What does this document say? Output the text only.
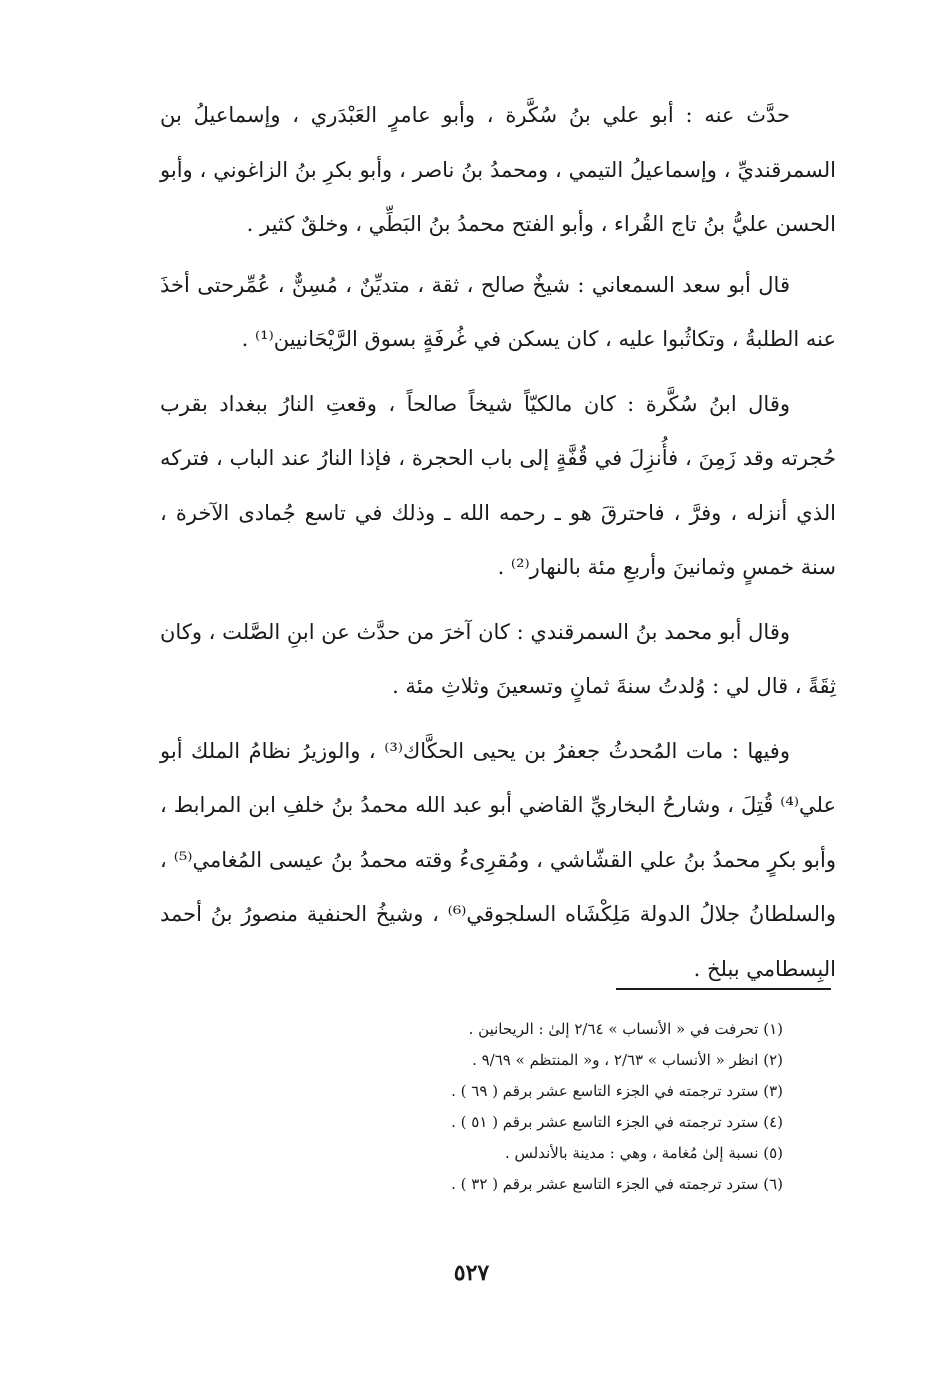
حدَّث عنه : أبو علي بنُ سُكَّرة ، وأبو عامرٍ العَبْدَري ، وإسماعيلُ بن السمرقنديِّ ، وإسماعيلُ التيمي ، ومحمدُ بنُ ناصر ، وأبو بكرِ بنُ الزاغوني ، وأبو الحسن عليُّ بنُ تاج القُراء ، وأبو الفتح محمدُ بنُ البَطِّي ، وخلقٌ كثير .

قال أبو سعد السمعاني : شيخٌ صالح ، ثقة ، متديِّنٌ ، مُسِنٌّ ، عُمِّرحتى أخذَ عنه الطلبةُ ، وتكاثُبوا عليه ، كان يسكن في غُرفَةٍ بسوق الرَّيْحَانيين⁽¹⁾ .

وقال ابنُ سُكَّرة : كان مالكيّاً شيخاً صالحاً ، وقعتِ النارُ ببغداد بقرب حُجرته وقد زَمِنَ ، فأُنزِلَ في قُفَّةٍ إلى باب الحجرة ، فإذا النارُ عند الباب ، فتركه الذي أنزله ، وفرَّ ، فاحترقَ هو ـ رحمه الله ـ وذلك في تاسع جُمادى الآخرة ، سنة خمسٍ وثمانينَ وأربعِ مئة بالنهار⁽²⁾ .

وقال أبو محمد بنُ السمرقندي : كان آخرَ من حدَّث عن ابنِ الصَّلت ، وكان ثِقَةً ، قال لي : وُلدتُ سنةَ ثمانٍ وتسعينَ وثلاثِ مئة .

وفيها : مات المُحدثُ جعفرُ بن يحيى الحكَّاك⁽³⁾ ، والوزيرُ نظامُ الملك أبو علي⁽⁴⁾ قُتِلَ ، وشارحُ البخاريِّ القاضي أبو عبد الله محمدُ بنُ خلفِ ابن المرابط ، وأبو بكرٍ محمدُ بنُ علي القشّاشي ، ومُقرِىءُ وقته محمدُ بنُ عيسى المُغامي⁽⁵⁾ ، والسلطانُ جلالُ الدولة مَلِكْشَاه السلجوقي⁽⁶⁾ ، وشيخُ الحنفية منصورُ بنُ أحمد البِسطامي ببلخ .

(١) تحرفت في « الأنساب » ٢/٦٤ إلىٰ : الريحانين .
(٢) انظر « الأنساب » ٢/٦٣ ، و« المنتظم » ٩/٦٩ .
(٣) سترد ترجمته في الجزء التاسع عشر برقم ( ٦٩ ) .
(٤) سترد ترجمته في الجزء التاسع عشر برقم ( ٥١ ) .
(٥) نسبة إلىٰ مُغامة ، وهي : مدينة بالأندلس .
(٦) سترد ترجمته في الجزء التاسع عشر برقم ( ٣٢ ) .
٥٢٧
